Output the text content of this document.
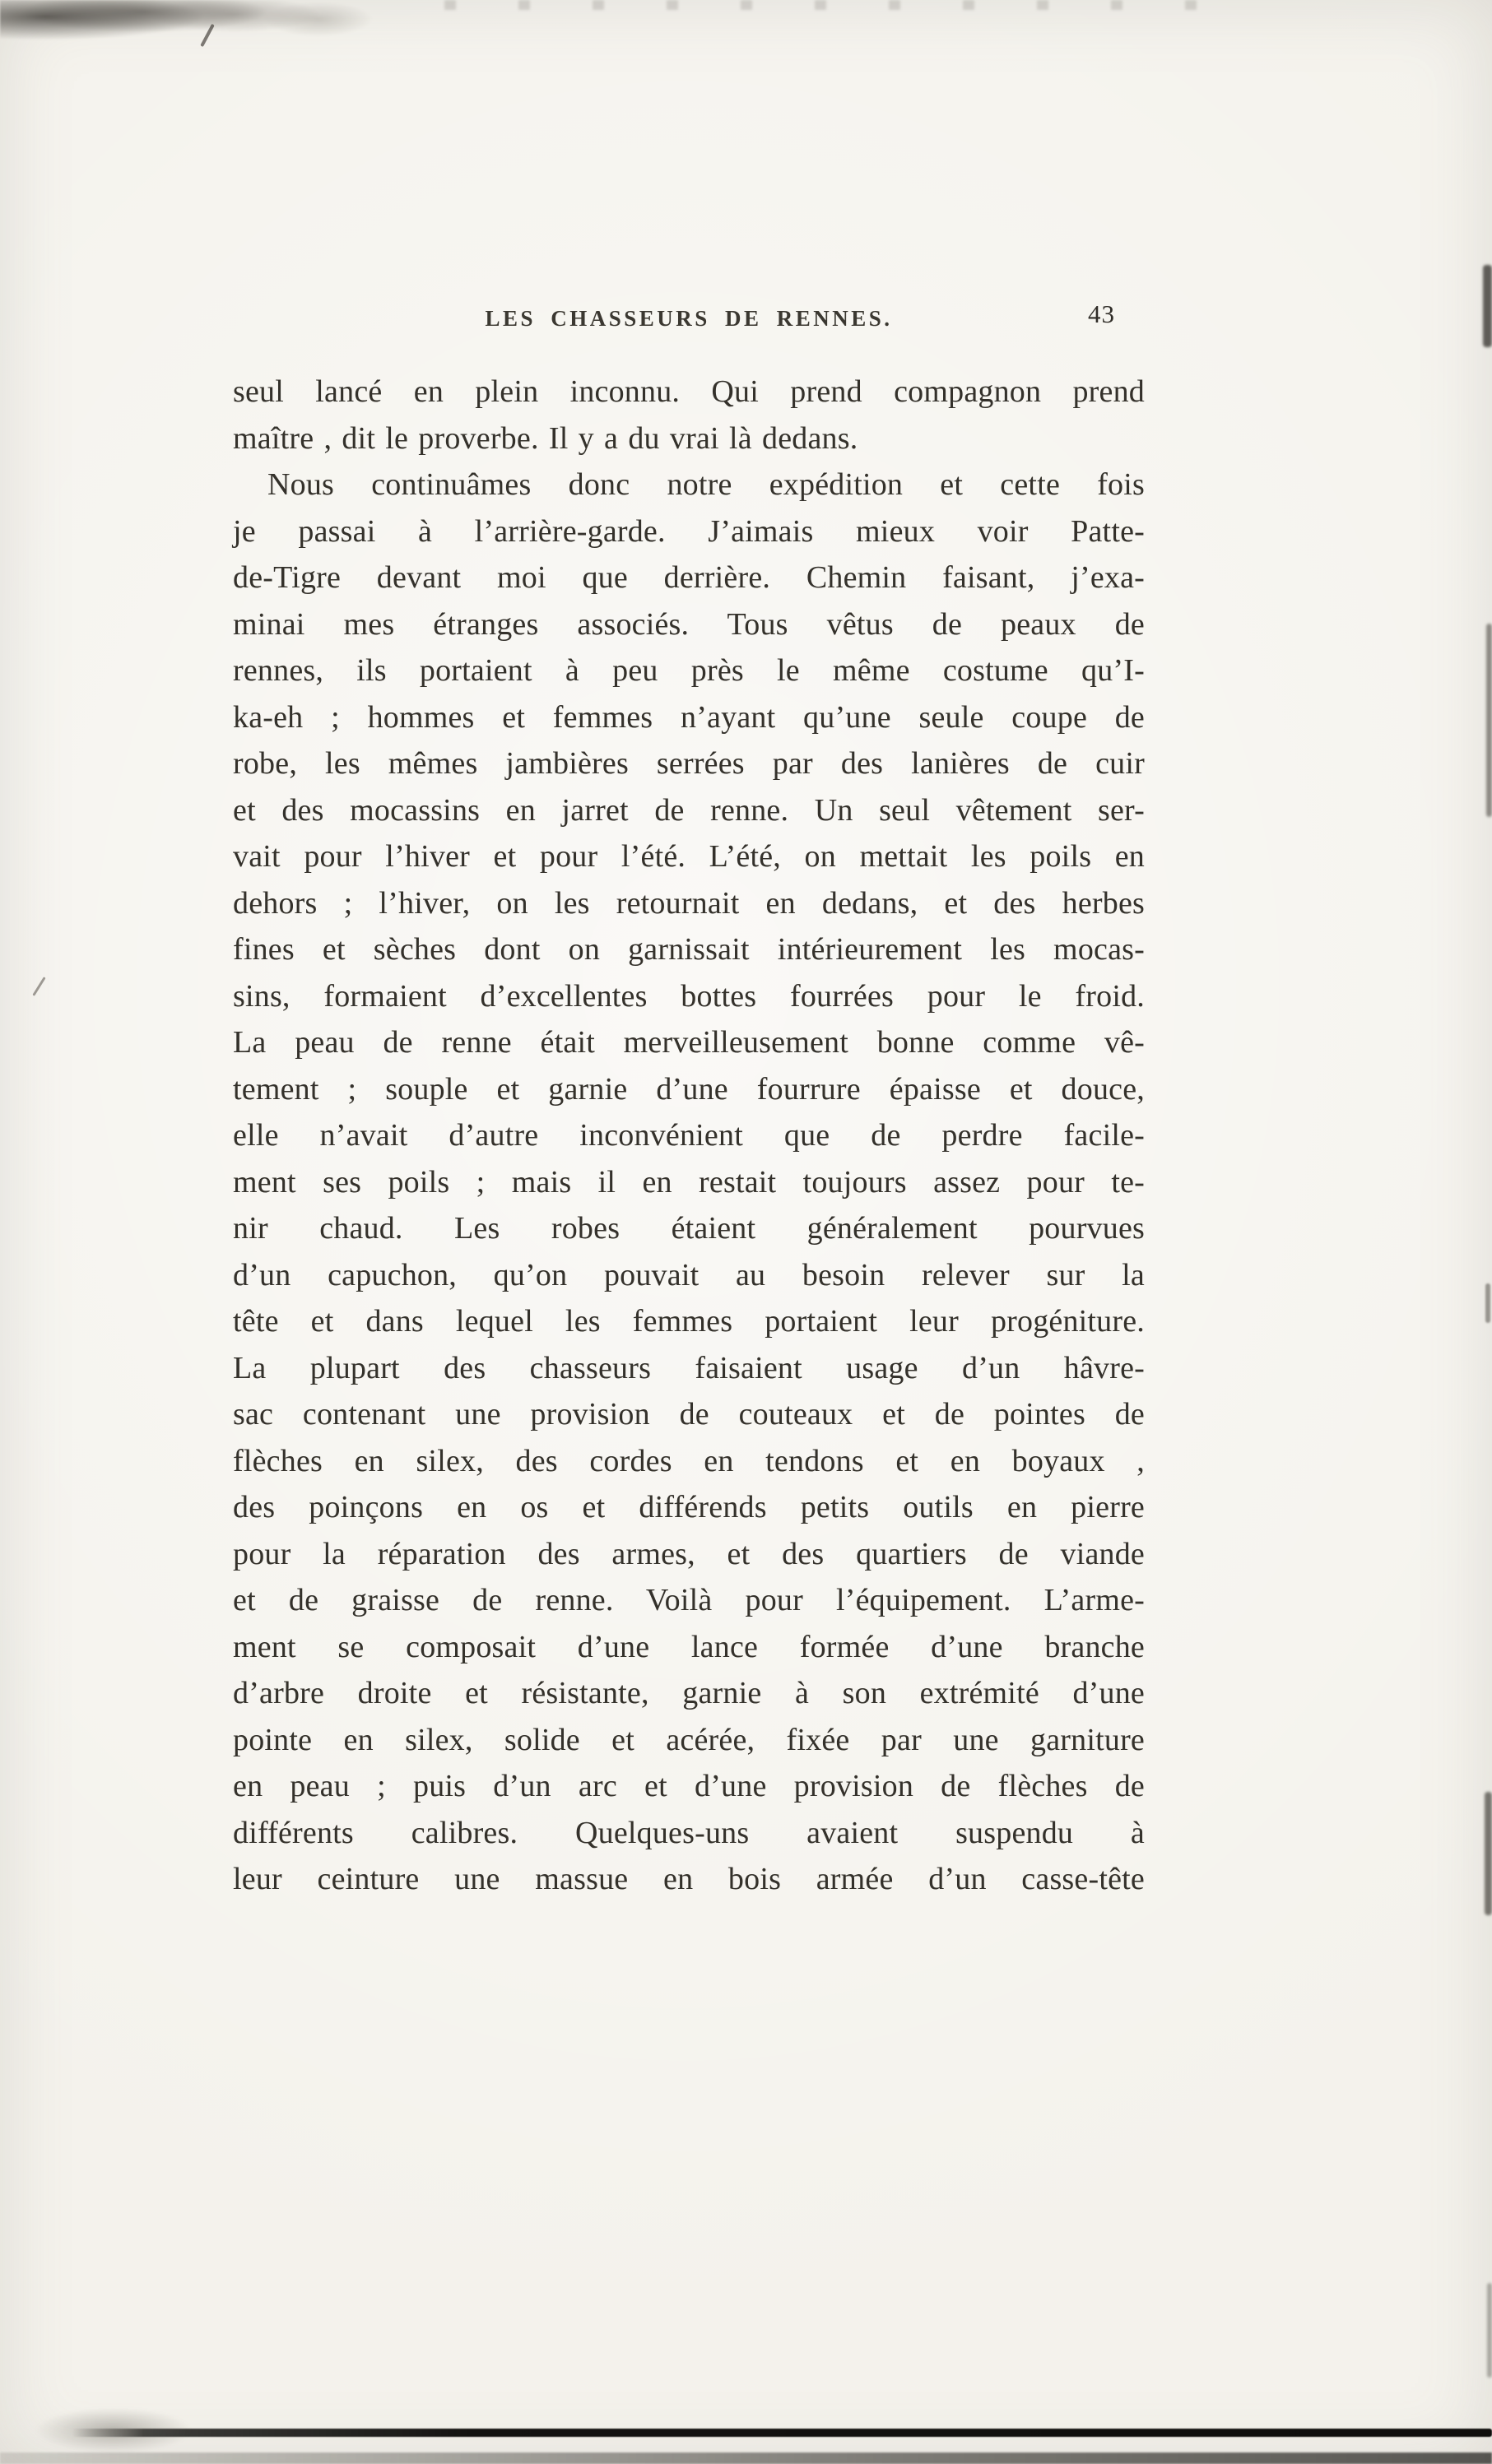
LES CHASSEURS DE RENNES.	43
seul lancé en plein inconnu. Qui prend compagnon prend
maître , dit le proverbe. Il y a du vrai là dedans.
Nous continuâmes donc notre expédition et cette fois
je passai à l’arrière-garde. J’aimais mieux voir Patte-
de-Tigre devant moi que derrière. Chemin faisant, j’exa-
minai mes étranges associés. Tous vêtus de peaux de
rennes, ils portaient à peu près le même costume qu’I-
ka-eh ; hommes et femmes n’ayant qu’une seule coupe de
robe, les mêmes jambières serrées par des lanières de cuir
et des mocassins en jarret de renne. Un seul vêtement ser-
vait pour l’hiver et pour l’été. L’été, on mettait les poils en
dehors ; l’hiver, on les retournait en dedans, et des herbes
fines et sèches dont on garnissait intérieurement les mocas-
sins, formaient d’excellentes bottes fourrées pour le froid.
La peau de renne était merveilleusement bonne comme vê-
tement ; souple et garnie d’une fourrure épaisse et douce,
elle n’avait d’autre inconvénient que de perdre facile-
ment ses poils ; mais il en restait toujours assez pour te-
nir chaud. Les robes étaient généralement pourvues
d’un capuchon, qu’on pouvait au besoin relever sur la
tête et dans lequel les femmes portaient leur progéniture.
La plupart des chasseurs faisaient usage d’un hâvre-
sac contenant une provision de couteaux et de pointes de
flèches en silex, des cordes en tendons et en boyaux ,
des poinçons en os et différends petits outils en pierre
pour la réparation des armes, et des quartiers de viande
et de graisse de renne. Voilà pour l’équipement. L’arme-
ment se composait d’une lance formée d’une branche
d’arbre droite et résistante, garnie à son extrémité d’une
pointe en silex, solide et acérée, fixée par une garniture
en peau ; puis d’un arc et d’une provision de flèches de
différents calibres. Quelques-uns avaient suspendu à
leur ceinture une massue en bois armée d’un casse-tête
